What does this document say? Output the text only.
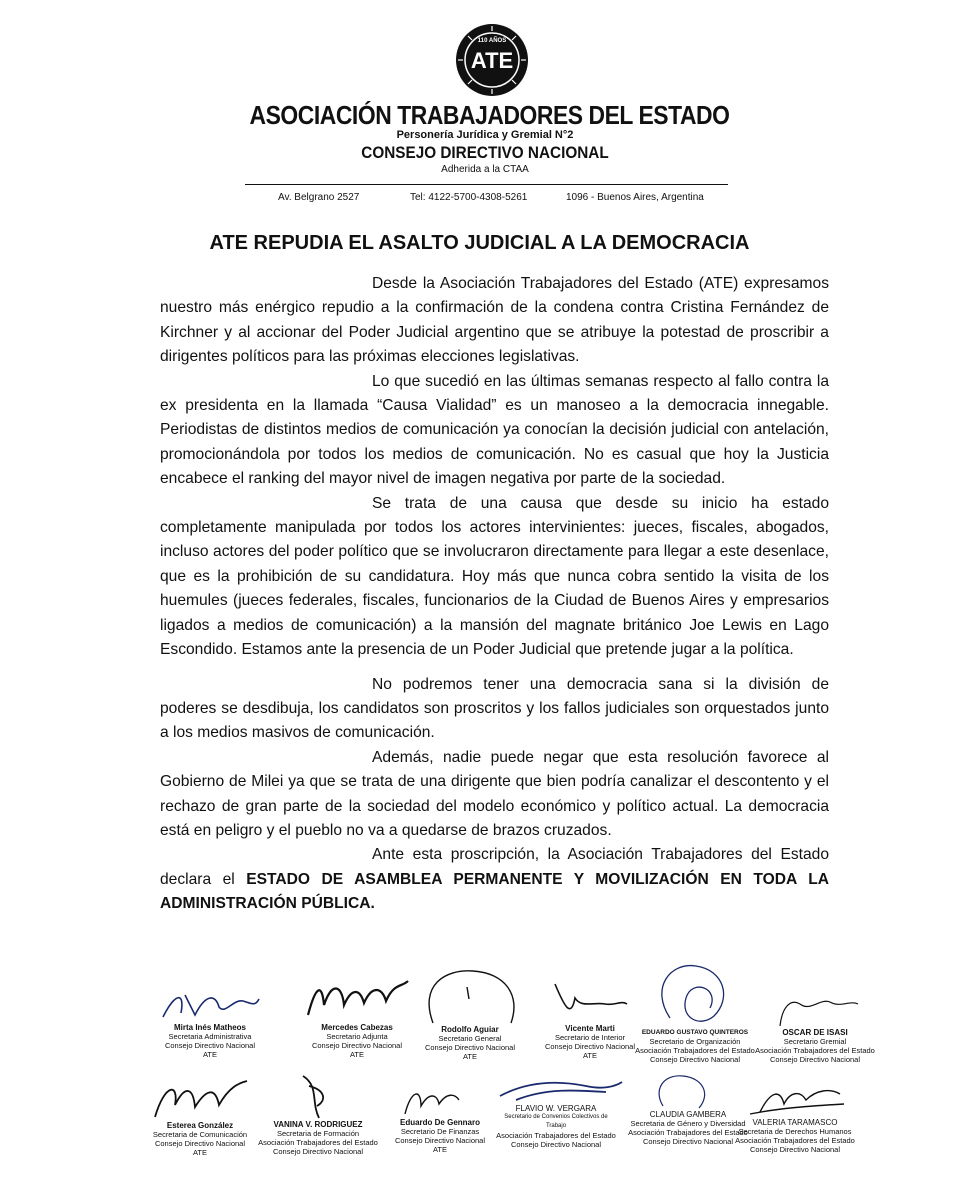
ATE
110 AÑOS
ASOCIACIÓN TRABAJADORES DEL ESTADO
Personería Jurídica y Gremial N°2
CONSEJO DIRECTIVO NACIONAL
Adherida a la CTAA
Av. Belgrano 2527	Tel: 4122-5700-4308-5261	1096 - Buenos Aires, Argentina
ATE REPUDIA EL ASALTO JUDICIAL A LA DEMOCRACIA

Desde la Asociación Trabajadores del Estado (ATE) expresamos nuestro más enérgico repudio a la confirmación de la condena contra Cristina Fernández de Kirchner y al accionar del Poder Judicial argentino que se atribuye la potestad de proscribir a dirigentes políticos para las próximas elecciones legislativas.

Lo que sucedió en las últimas semanas respecto al fallo contra la ex presidenta en la llamada “Causa Vialidad” es un manoseo a la democracia innegable. Periodistas de distintos medios de comunicación ya conocían la decisión judicial con antelación, promocionándola por todos los medios de comunicación. No es casual que hoy la Justicia encabece el ranking del mayor nivel de imagen negativa por parte de la sociedad.

Se trata de una causa que desde su inicio ha estado completamente manipulada por todos los actores intervinientes: jueces, fiscales, abogados, incluso actores del poder político que se involucraron directamente para llegar a este desenlace, que es la prohibición de su candidatura. Hoy más que nunca cobra sentido la visita de los huemules (jueces federales, fiscales, funcionarios de la Ciudad de Buenos Aires y empresarios ligados a medios de comunicación) a la mansión del magnate británico Joe Lewis en Lago Escondido. Estamos ante la presencia de un Poder Judicial que pretende jugar a la política.

No podremos tener una democracia sana si la división de poderes se desdibuja, los candidatos son proscritos y los fallos judiciales son orquestados junto a los medios masivos de comunicación.

Además, nadie puede negar que esta resolución favorece al Gobierno de Milei ya que se trata de una dirigente que bien podría canalizar el descontento y el rechazo de gran parte de la sociedad del modelo económico y político actual. La democracia está en peligro y el pueblo no va a quedarse de brazos cruzados.

Ante esta proscripción, la Asociación Trabajadores del Estado declara el ESTADO DE ASAMBLEA PERMANENTE Y MOVILIZACIÓN EN TODA LA ADMINISTRACIÓN PÚBLICA.

Mirta Inés Matheos
Secretaria Administrativa
Consejo Directivo Nacional
ATE
Mercedes Cabezas
Secretario Adjunta
Consejo Directivo Nacional
ATE
Rodolfo Aguiar
Secretario General
Consejo Directivo Nacional
ATE
Vicente Marti
Secretario de Interior
Consejo Directivo Nacional
ATE
EDUARDO GUSTAVO QUINTEROS
Secretario de Organización
Asociación Trabajadores del Estado
Consejo Directivo Nacional
OSCAR DE ISASI
Secretario Gremial
Asociación Trabajadores del Estado
Consejo Directivo Nacional
Esterea González
Secretaria de Comunicación
Consejo Directivo Nacional
ATE
VANINA V. RODRIGUEZ
Secretaria de Formación
Asociación Trabajadores del Estado
Consejo Directivo Nacional
Eduardo De Gennaro
Secretario De Finanzas
Consejo Directivo Nacional
ATE
FLAVIO W. VERGARA
Secretario de Convenios Colectivos de Trabajo
Asociación Trabajadores del Estado
Consejo Directivo Nacional
CLAUDIA GAMBERA
Secretaria de Género y Diversidad
Asociación Trabajadores del Estado
Consejo Directivo Nacional
VALERIA TARAMASCO
Secretaria de Derechos Humanos
Asociación Trabajadores del Estado
Consejo Directivo Nacional
